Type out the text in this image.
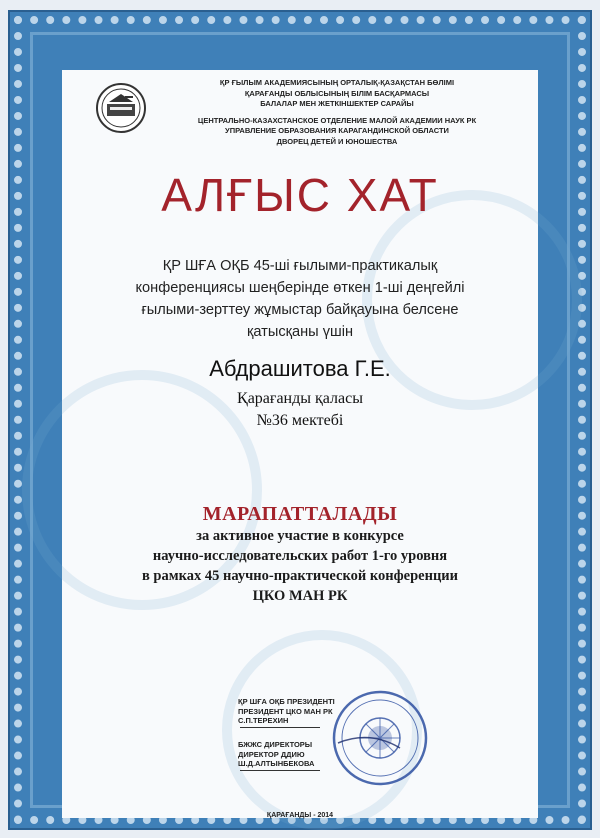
ҚР ҒЫЛЫМ АКАДЕМИЯСЫНЫҢ ОРТАЛЫҚ-ҚАЗАҚСТАН БӨЛІМІ
ҚАРАҒАНДЫ ОБЛЫСЫНЫҢ БІЛІМ БАСҚАРМАСЫ
БАЛАЛАР МЕН ЖЕТКІНШЕКТЕР САРАЙЫ
ЦЕНТРАЛЬНО-КАЗАХСТАНСКОЕ ОТДЕЛЕНИЕ МАЛОЙ АКАДЕМИИ НАУК РК
УПРАВЛЕНИЕ ОБРАЗОВАНИЯ КАРАГАНДИНСКОЙ ОБЛАСТИ
ДВОРЕЦ ДЕТЕЙ И ЮНОШЕСТВА
АЛҒЫС ХАТ
ҚР ШҒА ОҚБ 45-ші ғылыми-практикалық
конференциясы шеңберінде өткен 1-ші деңгейлі
ғылыми-зерттеу жұмыстар байқауына белсене
қатысқаны үшін
Абдрашитова Г.Е.
Қарағанды қаласы
№36 мектебі
МАРАПАТТАЛАДЫ
за активное участие в конкурсе
научно-исследовательских работ 1-го уровня
в рамках 45 научно-практической конференции
ЦКО МАН РК
ҚР ШҒА ОҚБ ПРЕЗИДЕНТІ
ПРЕЗИДЕНТ ЦКО МАН РК
С.П.ТЕРЕХИН
БЖЖС ДИРЕКТОРЫ
ДИРЕКТОР ДДИЮ
Ш.Д.АЛТЫНБЕКОВА
ҚАРАҒАНДЫ - 2014
